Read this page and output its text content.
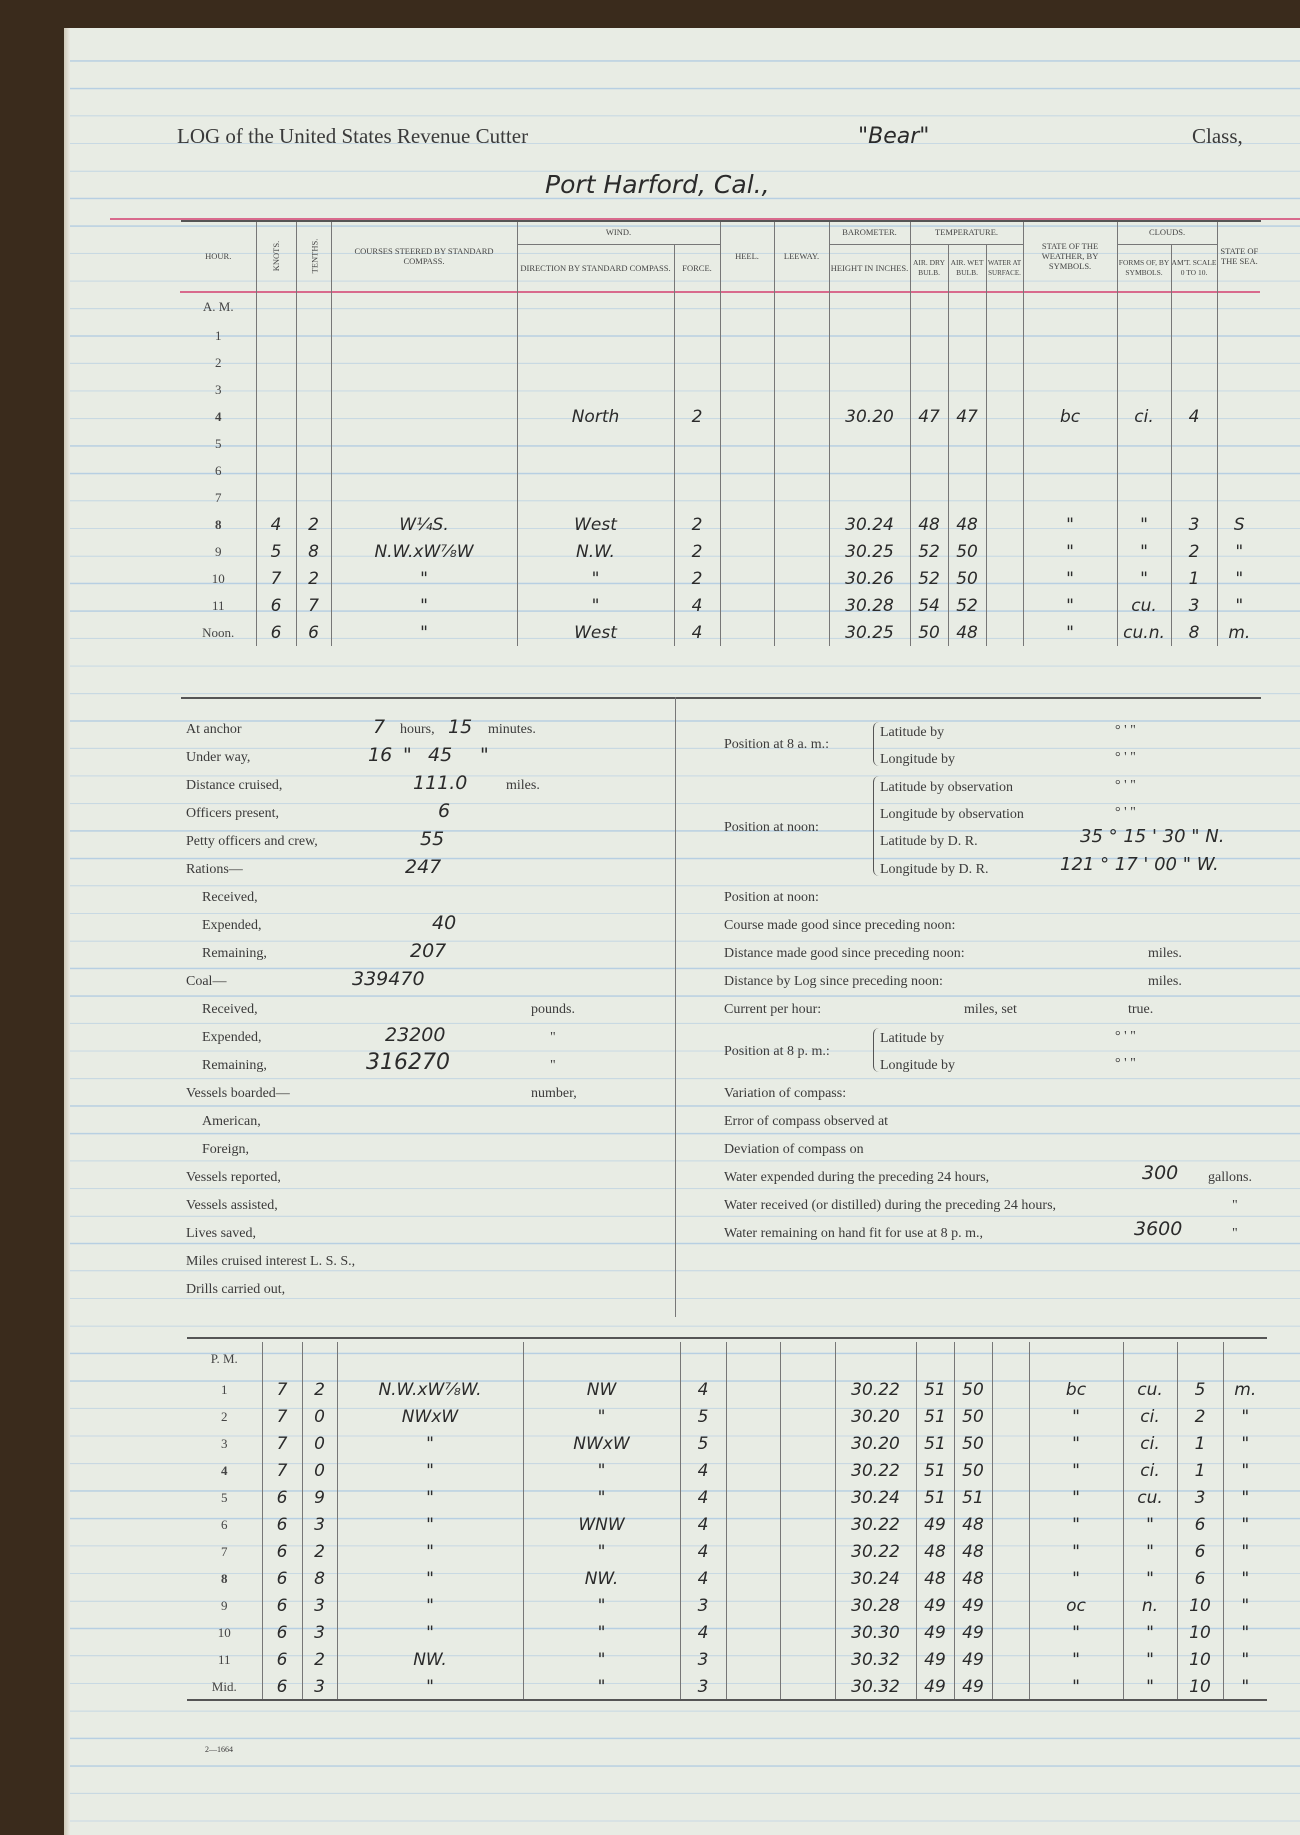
LOG of the United States Revenue Cutter	"Bear"	Class,
Port Harford, Cal.,
HOUR.	KNOTS.	TENTHS.	COURSES STEERED BY STANDARD COMPASS.	WIND.		HEEL.	LEEWAY.	BAROMETER.	TEMPERATURE.			STATE OF THE WEATHER, BY SYMBOLS.	CLOUDS.		STATE OF THE SEA.
				DIRECTION BY STANDARD COMPASS.	FORCE.			HEIGHT IN INCHES.	AIR. DRY BULB.	AIR. WET BULB.	WATER AT SURFACE.		FORMS OF, BY SYMBOLS.	AM'T. SCALE 0 TO 10.	
A. M.															
1															
2															
3															
4				North	2			30.20	47	47		bc	ci.	4	
5															
6															
7															
8	4	2	W¼S.	West	2			30.24	48	48		"	"	3	S
9	5	8	N.W.xW⅞W	N.W.	2			30.25	52	50		"	"	2	"
10	7	2	"	"	2			30.26	52	50		"	"	1	"
11	6	7	"	"	4			30.28	54	52		"	cu.	3	"
Noon.	6	6	"	West	4			30.25	50	48		"	cu.n.	8	m.
At anchor	7 hours, 15 minutes.
Under way,	16 " 45 "
Distance cruised,	111.0	miles.
Officers present,	6
Petty officers and crew,	55
Rations—	247
Received,
Expended,	40
Remaining,	207
Coal—	339470
Received,	pounds.
Expended,	23200	"
Remaining,	316270	"
Vessels boarded—	number,
American,
Foreign,
Vessels reported,
Vessels assisted,
Lives saved,
Miles cruised interest L. S. S.,
Drills carried out,
Position at 8 a. m.:
Latitude by	° ' "
Longitude by	° ' "
Position at noon:
Latitude by observation	° ' "
Longitude by observation	° ' "
Latitude by D. R.	35 ° 15 ' 30 " N.
Longitude by D. R.	121 ° 17 ' 00 " W.
Position at noon:
Course made good since preceding noon:
Distance made good since preceding noon:	miles.
Distance by Log since preceding noon:	miles.
Current per hour:	miles, set	true.
Position at 8 p. m.:
Latitude by	° ' "
Longitude by	° ' "
Variation of compass:
Error of compass observed at
Deviation of compass on
Water expended during the preceding 24 hours,	300 gallons.
Water received (or distilled) during the preceding 24 hours,	"
Water remaining on hand fit for use at 8 p. m.,	3600	"
P. M.															
1	7	2	N.W.xW⅞W.	NW	4			30.22	51	50		bc	cu.	5	m.
2	7	0	NWxW	"	5			30.20	51	50		"	ci.	2	"
3	7	0	"	NWxW	5			30.20	51	50		"	ci.	1	"
4	7	0	"	"	4			30.22	51	50		"	ci.	1	"
5	6	9	"	"	4			30.24	51	51		"	cu.	3	"
6	6	3	"	WNW	4			30.22	49	48		"	"	6	"
7	6	2	"	"	4			30.22	48	48		"	"	6	"
8	6	8	"	NW.	4			30.24	48	48		"	"	6	"
9	6	3	"	"	3			30.28	49	49		oc	n.	10	"
10	6	3	"	"	4			30.30	49	49		"	"	10	"
11	6	2	NW.	"	3			30.32	49	49		"	"	10	"
Mid.	6	3	"	"	3			30.32	49	49		"	"	10	"
2—1664
